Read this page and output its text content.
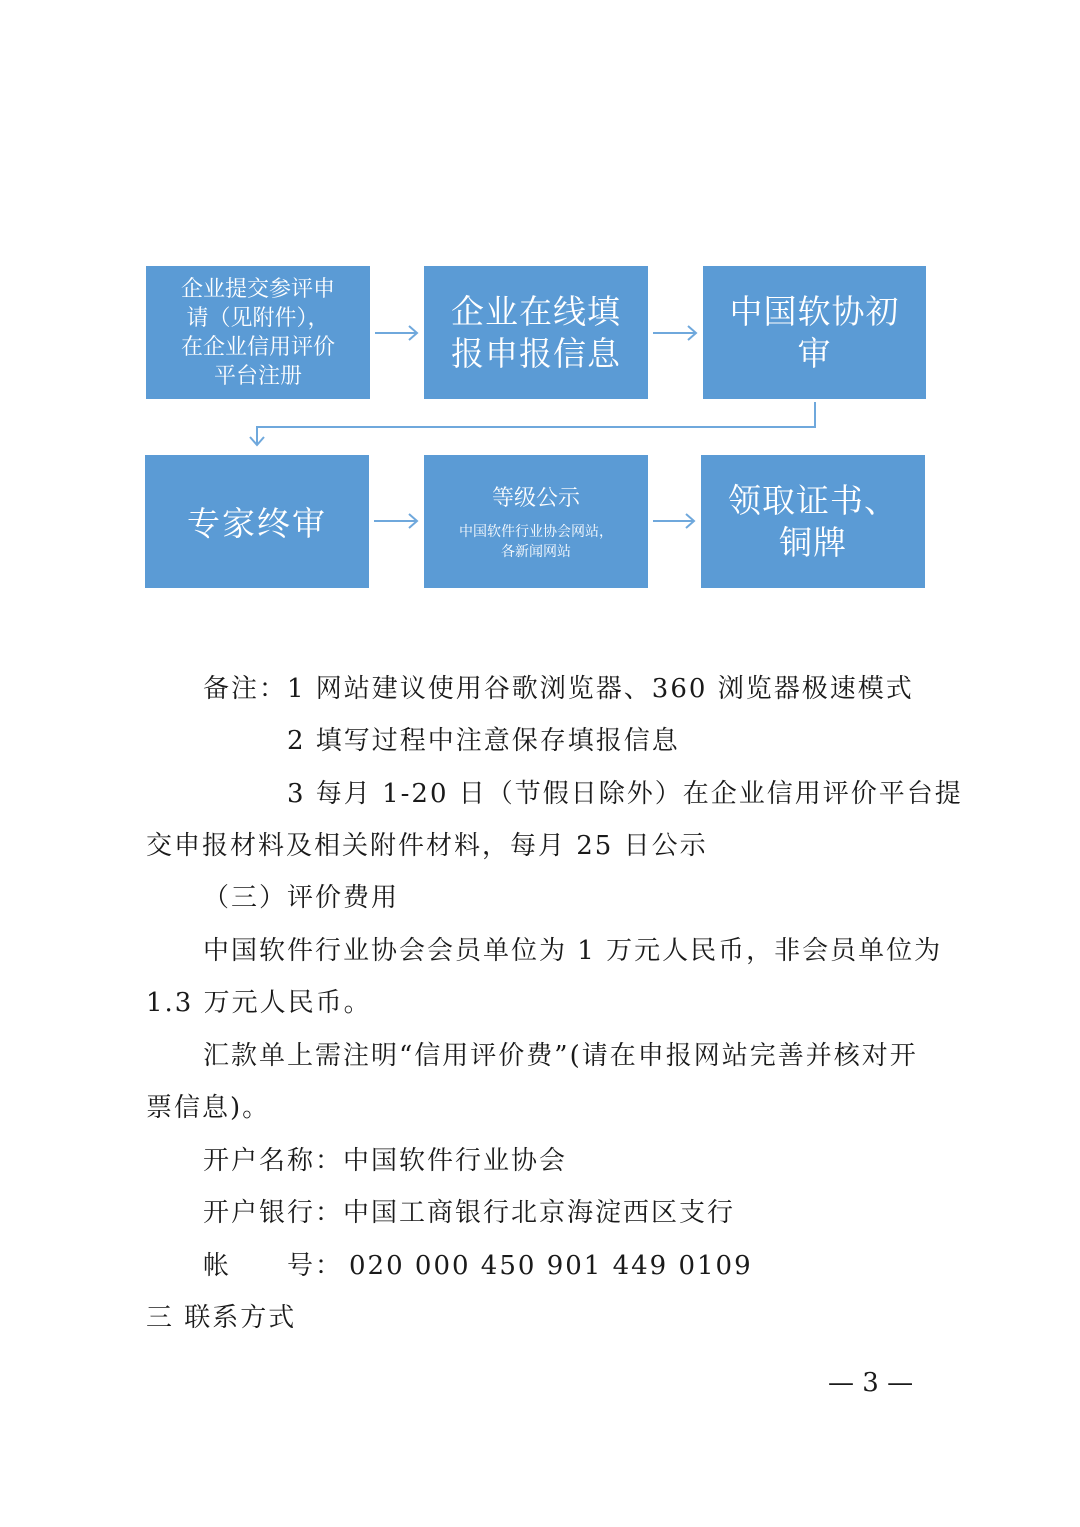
企业提交参评申
请（见附件），
在企业信用评价
平台注册
企业在线填
报申报信息
中国软协初
审
专家终审
等级公示
中国软件行业协会网站，
各新闻网站
领取证书、
铜牌
备注：1 网站建议使用谷歌浏览器、360 浏览器极速模式
2 填写过程中注意保存填报信息
3 每月 1-20 日（节假日除外）在企业信用评价平台提
交申报材料及相关附件材料，每月 25 日公示
（三）评价费用
中国软件行业协会会员单位为 1 万元人民币，非会员单位为
1.3 万元人民币。
汇款单上需注明“信用评价费”(请在申报网站完善并核对开
票信息)。
开户名称：中国软件行业协会
开户银行：中国工商银行北京海淀西区支行
帐　　号： 020 000 450 901 449 0109
三 联系方式
— 3 —
